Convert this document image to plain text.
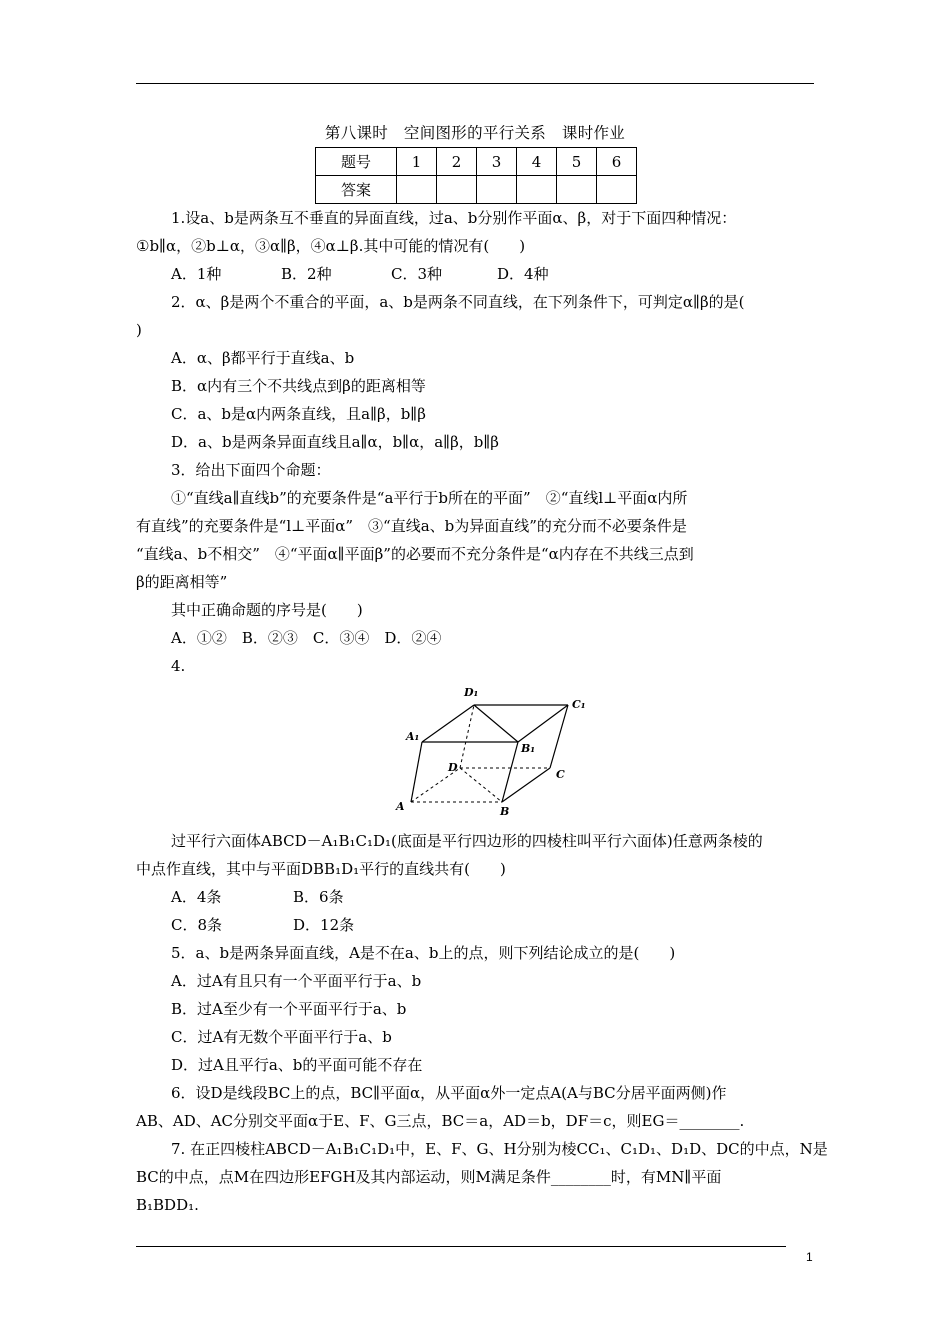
第八课时　空间图形的平行关系　课时作业
题号	1	2	3	4	5	6
答案						
1.设a、b是两条互不垂直的异面直线，过a、b分别作平面α、β，对于下面四种情况：
①b∥α，②b⊥α，③α∥β，④α⊥β.其中可能的情况有(　　)
A．1种	B．2种	C．3种	D．4种
2．α、β是两个不重合的平面，a、b是两条不同直线，在下列条件下，可判定α∥β的是(
)
A．α、β都平行于直线a、b
B．α内有三个不共线点到β的距离相等
C．a、b是α内两条直线，且a∥β，b∥β
D．a、b是两条异面直线且a∥α，b∥α，a∥β，b∥β
3．给出下面四个命题：
①“直线a∥直线b”的充要条件是“a平行于b所在的平面”　②“直线l⊥平面α内所
有直线”的充要条件是“l⊥平面α”　③“直线a、b为异面直线”的充分而不必要条件是
“直线a、b不相交”　④“平面α∥平面β”的必要而不充分条件是“α内存在不共线三点到
β的距离相等”
其中正确命题的序号是(　　)
A．①②　B．②③　C．③④　D．②④
4.
D₁
C₁
A₁
B₁
D
C
A	B
过平行六面体ABCD－A₁B₁C₁D₁(底面是平行四边形的四棱柱叫平行六面体)任意两条棱的
中点作直线，其中与平面DBB₁D₁平行的直线共有(　　)
A．4条	B．6条
C．8条	D．12条
5．a、b是两条异面直线，A是不在a、b上的点，则下列结论成立的是(　　)
A．过A有且只有一个平面平行于a、b
B．过A至少有一个平面平行于a、b
C．过A有无数个平面平行于a、b
D．过A且平行a、b的平面可能不存在
6．设D是线段BC上的点，BC∥平面α，从平面α外一定点A(A与BC分居平面两侧)作
AB、AD、AC分别交平面α于E、F、G三点，BC＝a，AD＝b，DF＝c，则EG＝________.
7. 在正四棱柱ABCD－A₁B₁C₁D₁中，E、F、G、H分别为棱CC₁、C₁D₁、D₁D、DC的中点，N是
BC的中点，点M在四边形EFGH及其内部运动，则M满足条件________时，有MN∥平面
B₁BDD₁.
1
